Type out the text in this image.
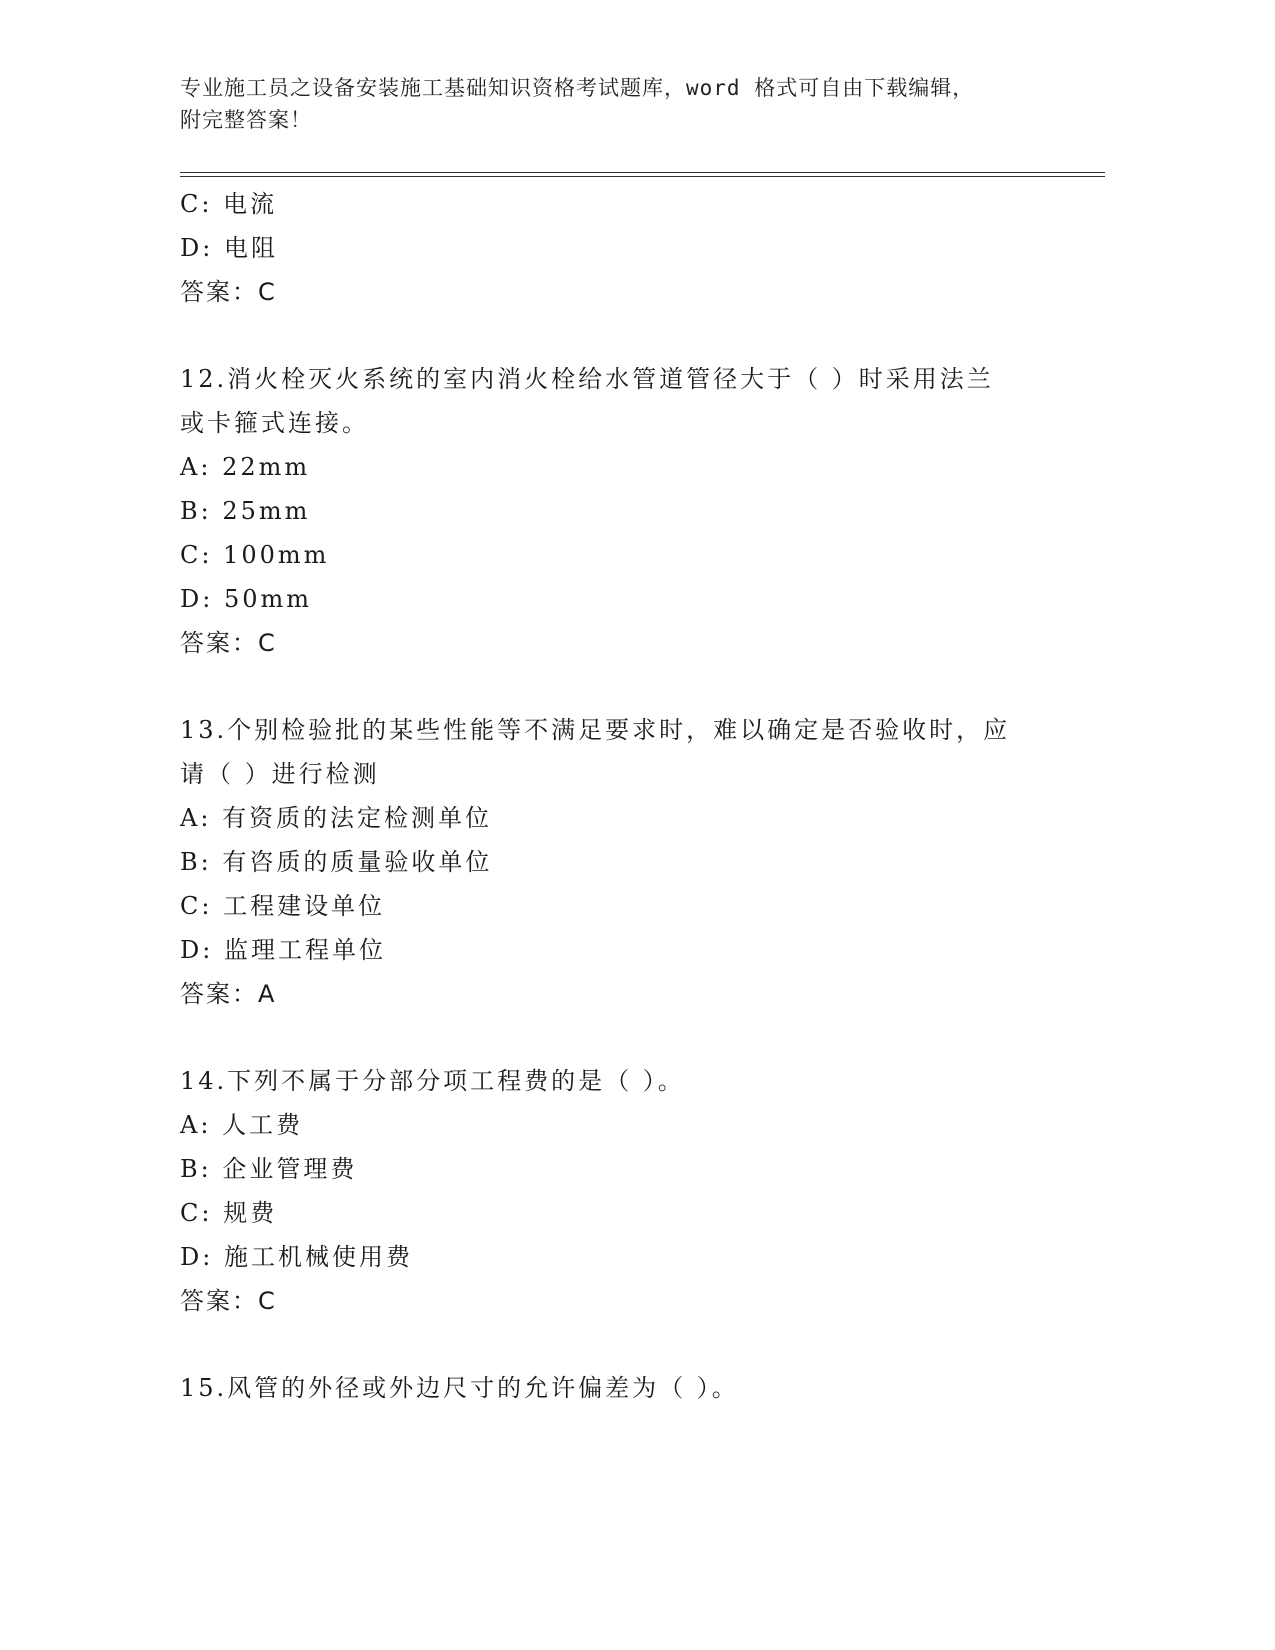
专业施工员之设备安装施工基础知识资格考试题库，word 格式可自由下载编辑，
附完整答案！
C: 电流
D: 电阻
答案：C
12.消火栓灭火系统的室内消火栓给水管道管径大于（ ）时采用法兰
或卡箍式连接。
A: 22mm
B: 25mm
C: 100mm
D: 50mm
答案：C
13.个别检验批的某些性能等不满足要求时，难以确定是否验收时，应
请（ ）进行检测
A: 有资质的法定检测单位
B: 有咨质的质量验收单位
C: 工程建设单位
D: 监理工程单位
答案：A
14.下列不属于分部分项工程费的是（ ）。
A: 人工费
B: 企业管理费
C: 规费
D: 施工机械使用费
答案：C
15.风管的外径或外边尺寸的允许偏差为（ ）。
